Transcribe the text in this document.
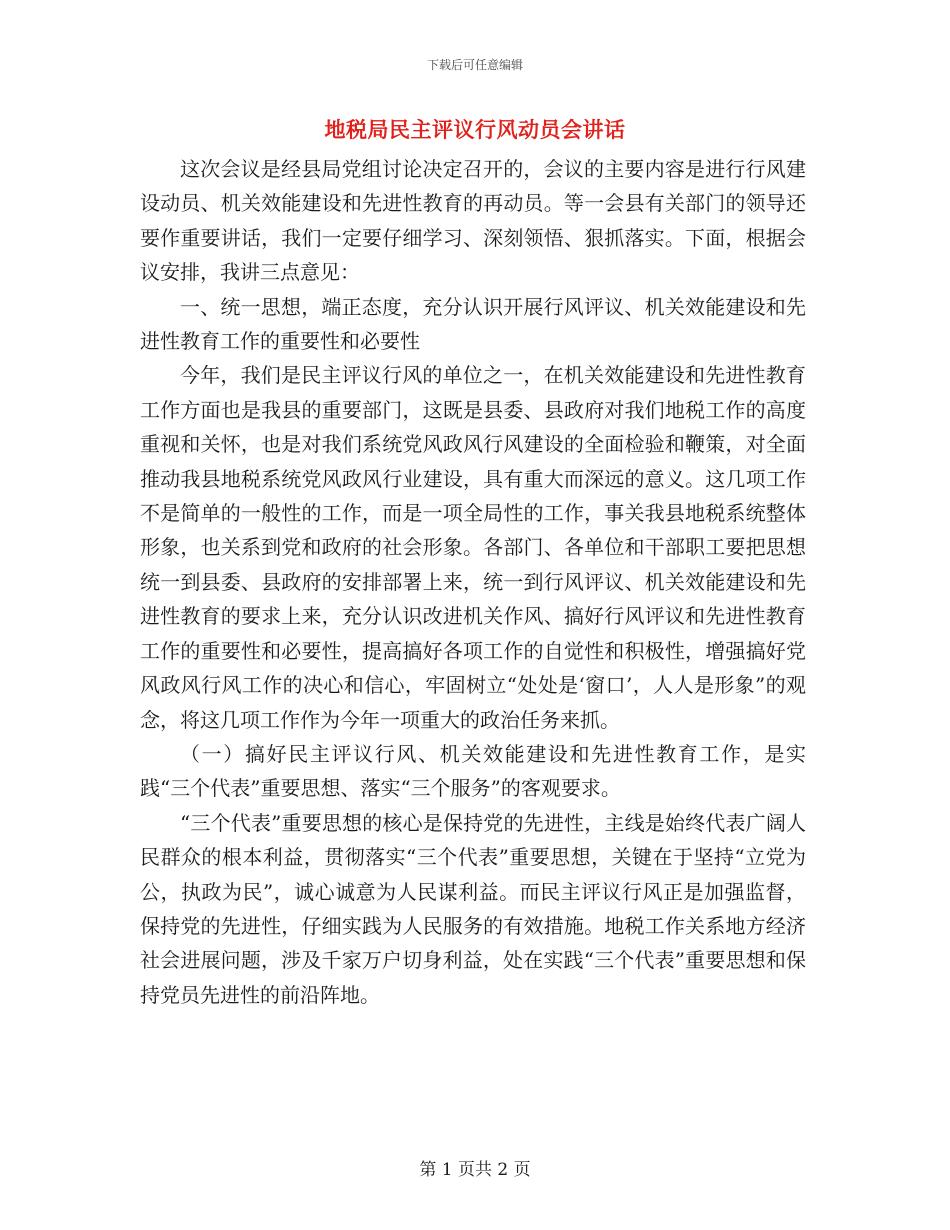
下载后可任意编辑
地税局民主评议行风动员会讲话

这次会议是经县局党组讨论决定召开的，会议的主要内容是进行行风建设动员、机关效能建设和先进性教育的再动员。等一会县有关部门的领导还要作重要讲话，我们一定要仔细学习、深刻领悟、狠抓落实。下面，根据会议安排，我讲三点意见：

一、统一思想，端正态度，充分认识开展行风评议、机关效能建设和先进性教育工作的重要性和必要性

今年，我们是民主评议行风的单位之一，在机关效能建设和先进性教育工作方面也是我县的重要部门，这既是县委、县政府对我们地税工作的高度重视和关怀，也是对我们系统党风政风行风建设的全面检验和鞭策，对全面推动我县地税系统党风政风行业建设，具有重大而深远的意义。这几项工作不是简单的一般性的工作，而是一项全局性的工作，事关我县地税系统整体形象，也关系到党和政府的社会形象。各部门、各单位和干部职工要把思想统一到县委、县政府的安排部署上来，统一到行风评议、机关效能建设和先进性教育的要求上来，充分认识改进机关作风、搞好行风评议和先进性教育工作的重要性和必要性，提高搞好各项工作的自觉性和积极性，增强搞好党风政风行风工作的决心和信心，牢固树立“处处是‘窗口’，人人是形象”的观念，将这几项工作作为今年一项重大的政治任务来抓。

（一）搞好民主评议行风、机关效能建设和先进性教育工作，是实践“三个代表”重要思想、落实“三个服务”的客观要求。

“三个代表”重要思想的核心是保持党的先进性，主线是始终代表广阔人民群众的根本利益，贯彻落实“三个代表”重要思想，关键在于坚持“立党为公，执政为民”，诚心诚意为人民谋利益。而民主评议行风正是加强监督，保持党的先进性，仔细实践为人民服务的有效措施。地税工作关系地方经济社会进展问题，涉及千家万户切身利益，处在实践“三个代表”重要思想和保持党员先进性的前沿阵地。

第 1 页共 2 页
